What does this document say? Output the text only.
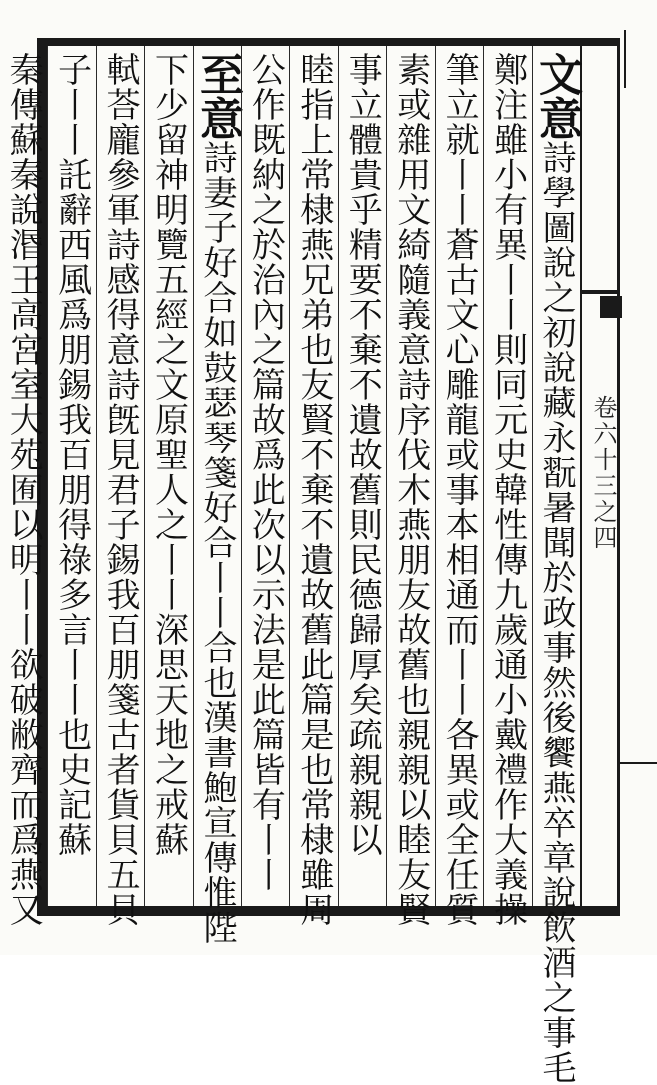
卷六十三之四
文意詩學圖說之初說藏永翫暑聞於政事然後饗燕卒章說飲酒之事毛
鄭注雖小有異丨丨則同元史韓性傳九歲通小戴禮作大義操
筆立就丨丨蒼古文心雕龍或事本相通而丨丨各異或全任質
素或雜用文綺隨義意詩序伐木燕朋友故舊也親親以睦友賢
事立體貴乎精要不棄不遺故舊則民德歸厚矣疏親親以
睦指上常棣燕兄弟也友賢不棄不遺故舊此篇是也常棣雖周
公作既納之於治內之篇故爲此次以示法是此篇皆有丨丨
至意詩妻子好合如鼓瑟琴箋好合丨丨合也漢書鮑宣傳惟陛
下少留神明覽五經之文原聖人之丨丨深思天地之戒蘇
軾荅龐參軍詩感得意詩旣見君子錫我百朋箋古者貨貝五貝
子丨丨託辭西風爲朋錫我百朋得祿多言丨丨也史記蘇
秦傳蘇秦說湣王高宮室大苑囿以明丨丨欲破敝齊而爲燕又
